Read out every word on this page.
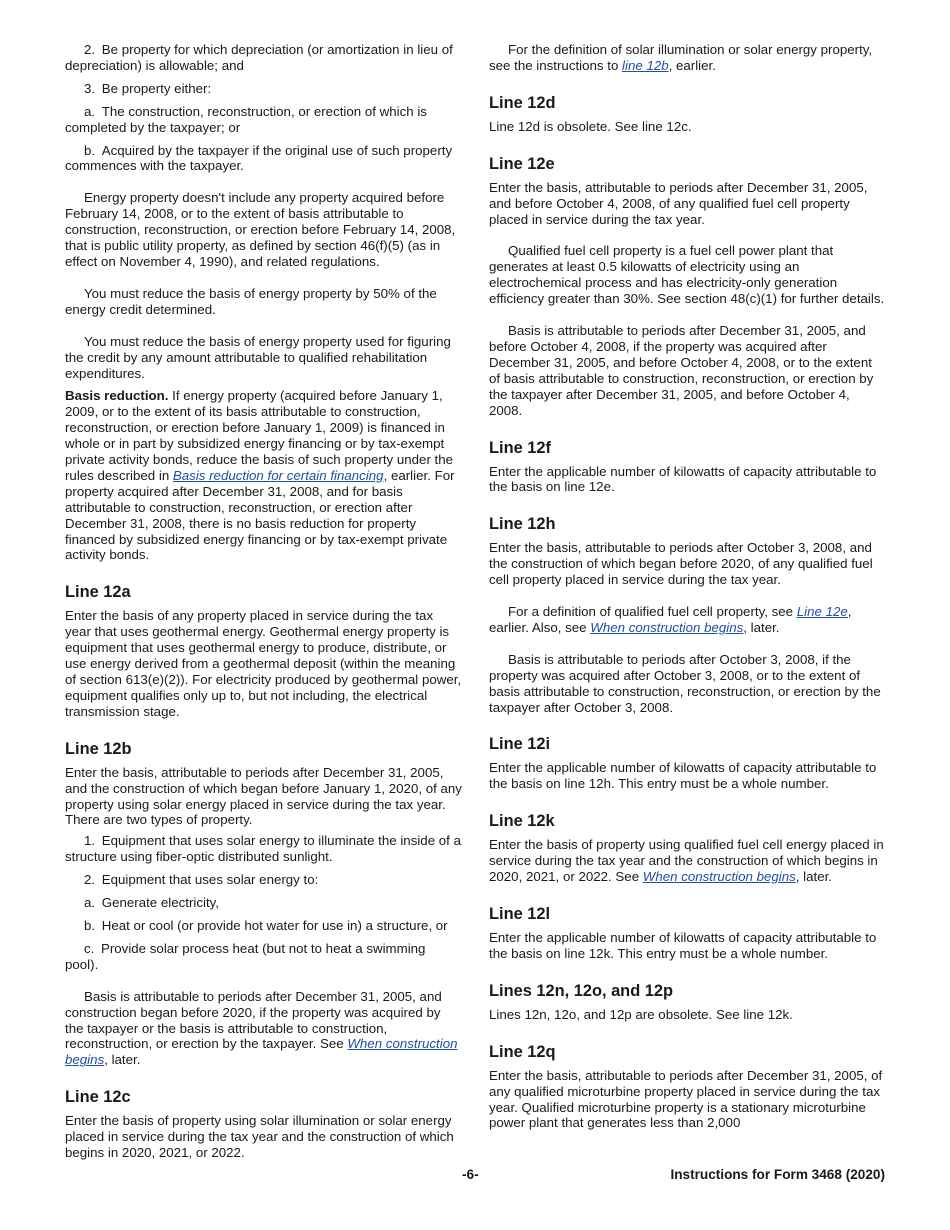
2. Be property for which depreciation (or amortization in lieu of depreciation) is allowable; and

3. Be property either:

a. The construction, reconstruction, or erection of which is completed by the taxpayer; or

b. Acquired by the taxpayer if the original use of such property commences with the taxpayer.

Energy property doesn't include any property acquired before February 14, 2008, or to the extent of basis attributable to construction, reconstruction, or erection before February 14, 2008, that is public utility property, as defined by section 46(f)(5) (as in effect on November 4, 1990), and related regulations.

You must reduce the basis of energy property by 50% of the energy credit determined.

You must reduce the basis of energy property used for figuring the credit by any amount attributable to qualified rehabilitation expenditures.

Basis reduction. If energy property (acquired before January 1, 2009, or to the extent of its basis attributable to construction, reconstruction, or erection before January 1, 2009) is financed in whole or in part by subsidized energy financing or by tax-exempt private activity bonds, reduce the basis of such property under the rules described in Basis reduction for certain financing, earlier. For property acquired after December 31, 2008, and for basis attributable to construction, reconstruction, or erection after December 31, 2008, there is no basis reduction for property financed by subsidized energy financing or by tax-exempt private activity bonds.

Line 12a

Enter the basis of any property placed in service during the tax year that uses geothermal energy. Geothermal energy property is equipment that uses geothermal energy to produce, distribute, or use energy derived from a geothermal deposit (within the meaning of section 613(e)(2)). For electricity produced by geothermal power, equipment qualifies only up to, but not including, the electrical transmission stage.

Line 12b

Enter the basis, attributable to periods after December 31, 2005, and the construction of which began before January 1, 2020, of any property using solar energy placed in service during the tax year. There are two types of property.

1. Equipment that uses solar energy to illuminate the inside of a structure using fiber-optic distributed sunlight.

2. Equipment that uses solar energy to:

a. Generate electricity,

b. Heat or cool (or provide hot water for use in) a structure, or

c. Provide solar process heat (but not to heat a swimming pool).

Basis is attributable to periods after December 31, 2005, and construction began before 2020, if the property was acquired by the taxpayer or the basis is attributable to construction, reconstruction, or erection by the taxpayer. See When construction begins, later.

Line 12c

Enter the basis of property using solar illumination or solar energy placed in service during the tax year and the construction of which begins in 2020, 2021, or 2022.

For the definition of solar illumination or solar energy property, see the instructions to line 12b, earlier.

Line 12d

Line 12d is obsolete. See line 12c.

Line 12e

Enter the basis, attributable to periods after December 31, 2005, and before October 4, 2008, of any qualified fuel cell property placed in service during the tax year.

Qualified fuel cell property is a fuel cell power plant that generates at least 0.5 kilowatts of electricity using an electrochemical process and has electricity-only generation efficiency greater than 30%. See section 48(c)(1) for further details.

Basis is attributable to periods after December 31, 2005, and before October 4, 2008, if the property was acquired after December 31, 2005, and before October 4, 2008, or to the extent of basis attributable to construction, reconstruction, or erection by the taxpayer after December 31, 2005, and before October 4, 2008.

Line 12f

Enter the applicable number of kilowatts of capacity attributable to the basis on line 12e.

Line 12h

Enter the basis, attributable to periods after October 3, 2008, and the construction of which began before 2020, of any qualified fuel cell property placed in service during the tax year.

For a definition of qualified fuel cell property, see Line 12e, earlier. Also, see When construction begins, later.

Basis is attributable to periods after October 3, 2008, if the property was acquired after October 3, 2008, or to the extent of basis attributable to construction, reconstruction, or erection by the taxpayer after October 3, 2008.

Line 12i

Enter the applicable number of kilowatts of capacity attributable to the basis on line 12h. This entry must be a whole number.

Line 12k

Enter the basis of property using qualified fuel cell energy placed in service during the tax year and the construction of which begins in 2020, 2021, or 2022. See When construction begins, later.

Line 12l

Enter the applicable number of kilowatts of capacity attributable to the basis on line 12k. This entry must be a whole number.

Lines 12n, 12o, and 12p

Lines 12n, 12o, and 12p are obsolete. See line 12k.

Line 12q

Enter the basis, attributable to periods after December 31, 2005, of any qualified microturbine property placed in service during the tax year. Qualified microturbine property is a stationary microturbine power plant that generates less than 2,000

-6-	Instructions for Form 3468 (2020)
